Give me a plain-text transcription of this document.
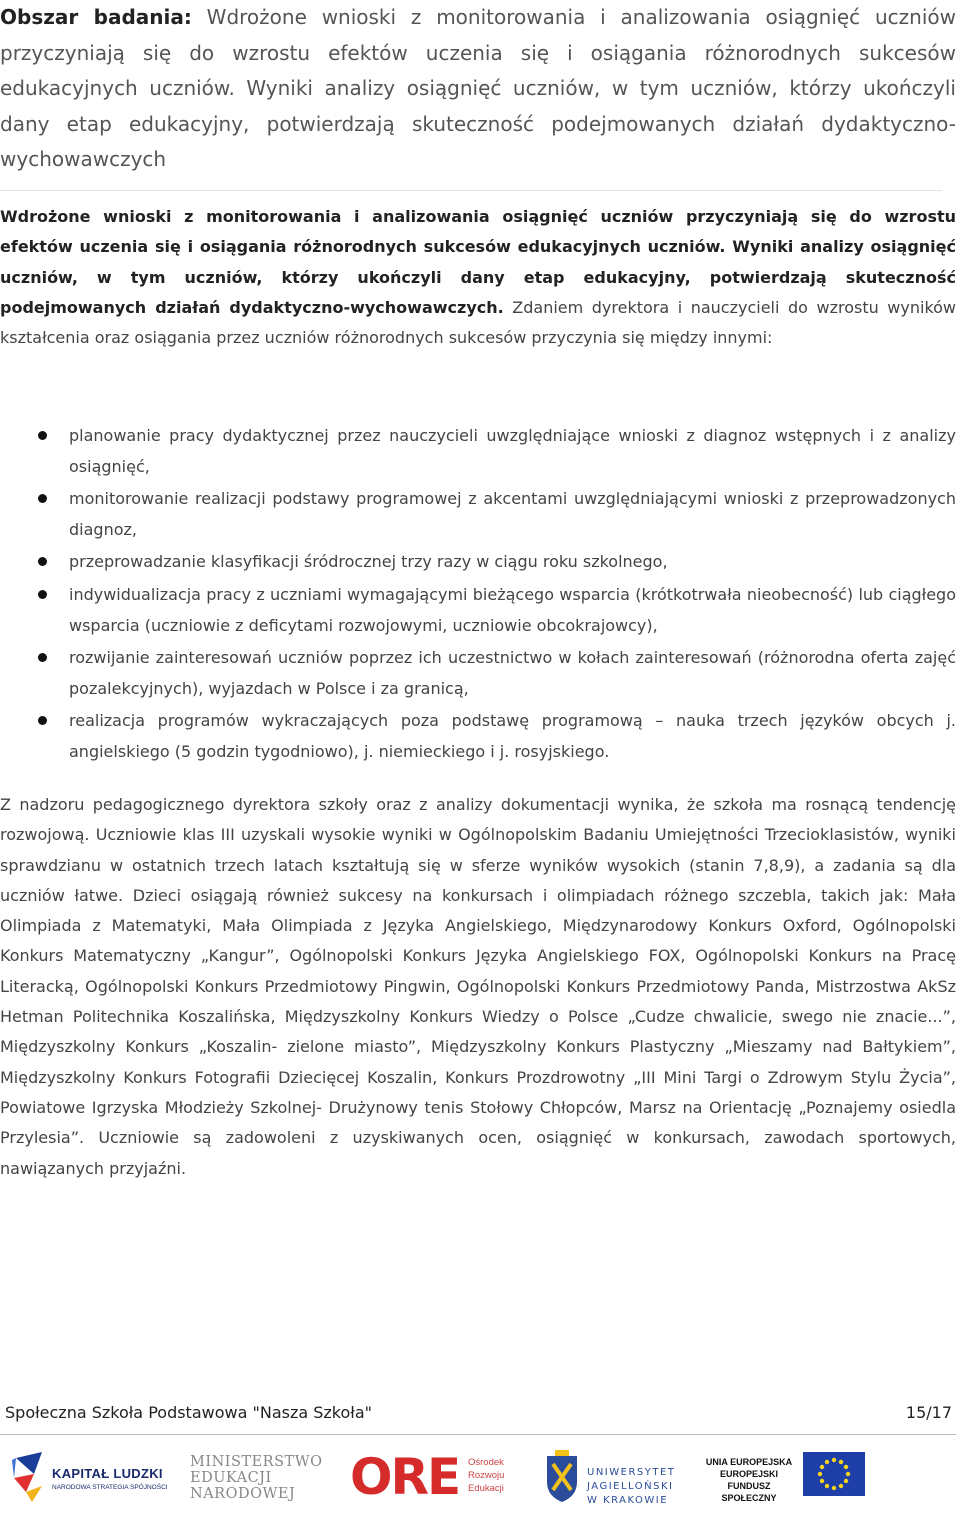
Obszar badania: Wdrożone wnioski z monitorowania i analizowania osiągnięć uczniów przyczyniają się do wzrostu efektów uczenia się i osiągania różnorodnych sukcesów edukacyjnych uczniów. Wyniki analizy osiągnięć uczniów, w tym uczniów, którzy ukończyli dany etap edukacyjny, potwierdzają skuteczność podejmowanych działań dydaktyczno-wychowawczych

Wdrożone wnioski z monitorowania i analizowania osiągnięć uczniów przyczyniają się do wzrostu efektów uczenia się i osiągania różnorodnych sukcesów edukacyjnych uczniów. Wyniki analizy osiągnięć uczniów, w tym uczniów, którzy ukończyli dany etap edukacyjny, potwierdzają skuteczność podejmowanych działań dydaktyczno-wychowawczych. Zdaniem dyrektora i nauczycieli do wzrostu wyników kształcenia oraz osiągania przez uczniów różnorodnych sukcesów przyczynia się między innymi:

planowanie pracy dydaktycznej przez nauczycieli uwzględniające wnioski z diagnoz wstępnych i z analizy osiągnięć,
monitorowanie realizacji podstawy programowej z akcentami uwzględniającymi wnioski z przeprowadzonych diagnoz,
przeprowadzanie klasyfikacji śródrocznej trzy razy w ciągu roku szkolnego,
indywidualizacja pracy z uczniami wymagającymi bieżącego wsparcia (krótkotrwała nieobecność) lub ciągłego wsparcia (uczniowie z deficytami rozwojowymi, uczniowie obcokrajowcy),
rozwijanie zainteresowań uczniów poprzez ich uczestnictwo w kołach zainteresowań (różnorodna oferta zajęć pozalekcyjnych), wyjazdach w Polsce i za granicą,
realizacja programów wykraczających poza podstawę programową – nauka trzech języków obcych j. angielskiego (5 godzin tygodniowo), j. niemieckiego i j. rosyjskiego.

Z nadzoru pedagogicznego dyrektora szkoły oraz z analizy dokumentacji wynika, że szkoła ma rosnącą tendencję rozwojową. Uczniowie klas III uzyskali wysokie wyniki w Ogólnopolskim Badaniu Umiejętności Trzecioklasistów, wyniki sprawdzianu w ostatnich trzech latach kształtują się w sferze wyników wysokich (stanin 7,8,9), a zadania są dla uczniów łatwe. Dzieci osiągają również sukcesy na konkursach i olimpiadach różnego szczebla, takich jak: Mała Olimpiada z Matematyki, Mała Olimpiada z Języka Angielskiego, Międzynarodowy Konkurs Oxford, Ogólnopolski Konkurs Matematyczny „Kangur”, Ogólnopolski Konkurs Języka Angielskiego FOX, Ogólnopolski Konkurs na Pracę Literacką, Ogólnopolski Konkurs Przedmiotowy Pingwin, Ogólnopolski Konkurs Przedmiotowy Panda, Mistrzostwa AkSz Hetman Politechnika Koszalińska, Międzyszkolny Konkurs Wiedzy o Polsce „Cudze chwalicie, swego nie znacie...”, Międzyszkolny Konkurs „Koszalin- zielone miasto”, Międzyszkolny Konkurs Plastyczny „Mieszamy nad Bałtykiem”, Międzyszkolny Konkurs Fotografii Dziecięcej Koszalin, Konkurs Prozdrowotny „III Mini Targi o Zdrowym Stylu Życia”, Powiatowe Igrzyska Młodzieży Szkolnej- Drużynowy tenis Stołowy Chłopców, Marsz na Orientację „Poznajemy osiedla Przylesia”. Uczniowie są zadowoleni z uzyskiwanych ocen, osiągnięć w konkursach, zawodach sportowych, nawiązanych przyjaźni.

Społeczna Szkoła Podstawowa "Nasza Szkoła"	15/17
KAPITAŁ LUDZKI
NARODOWA STRATEGIA SPÓJNOŚCI
MINISTERSTWO
EDUKACJI
NARODOWEJ	ORE Ośrodek
Rozwoju
Edukacji
UNIWERSYTET
JAGIELLOŃSKI
W KRAKOWIE
UNIA EUROPEJSKA
EUROPEJSKI
FUNDUSZ SPOŁECZNY
